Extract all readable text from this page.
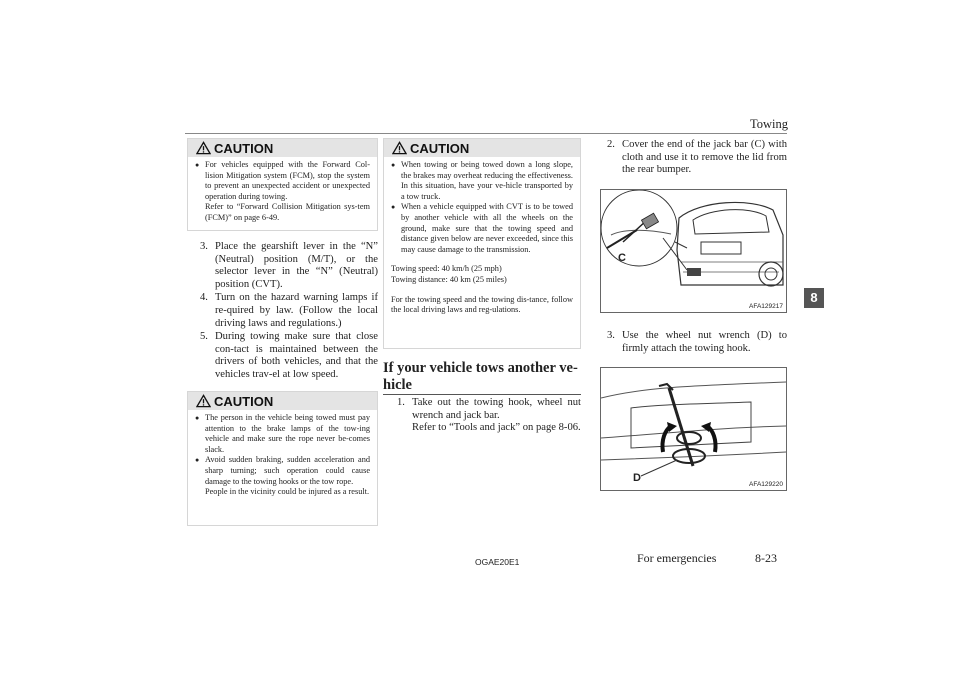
Towing
8
CAUTION
● For vehicles equipped with the Forward Col-lision Mitigation system (FCM), stop the system to prevent an unexpected accident or unexpected operation during towing.
Refer to “Forward Collision Mitigation sys-tem (FCM)” on page 6-49.
3. Place the gearshift lever in the “N” (Neutral) position (M/T), or the selector lever in the “N” (Neutral) position (CVT).
4. Turn on the hazard warning lamps if re-quired by law. (Follow the local driving laws and regulations.)
5. During towing make sure that close con-tact is maintained between the drivers of both vehicles, and that the vehicles trav-el at low speed.
CAUTION
● The person in the vehicle being towed must pay attention to the brake lamps of the tow-ing vehicle and make sure the rope never be-comes slack.
● Avoid sudden braking, sudden acceleration and sharp turning; such operation could cause damage to the towing hooks or the tow rope.
People in the vicinity could be injured as a result.
CAUTION
● When towing or being towed down a long slope, the brakes may overheat reducing the effectiveness. In this situation, have your ve-hicle transported by a tow truck.
● When a vehicle equipped with CVT is to be towed by another vehicle with all the wheels on the ground, make sure that the towing speed and distance given below are never exceeded, since this may cause damage to the transmission.
Towing speed: 40 km/h (25 mph)
Towing distance: 40 km (25 miles)
For the towing speed and the towing dis-tance, follow the local driving laws and reg-ulations.
If your vehicle tows another ve-hicle
1. Take out the towing hook, wheel nut wrench and jack bar.
Refer to “Tools and jack” on page 8-06.
2. Cover the end of the jack bar (C) with cloth and use it to remove the lid from the rear bumper.
C
AFA129217
3. Use the wheel nut wrench (D) to firmly attach the towing hook.
D
AFA129220
OGAE20E1	For emergencies	8-23
